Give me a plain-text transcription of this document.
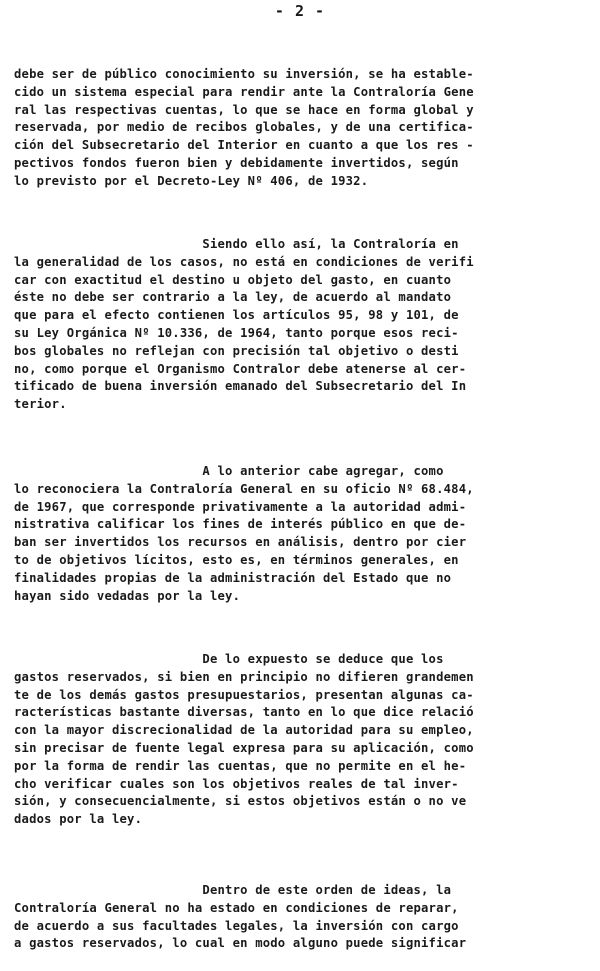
- 2 -
debe ser de público conocimiento su inversión, se ha estable-
cido un sistema especial para rendir ante la Contraloría Gene
ral las respectivas cuentas, lo que se hace en forma global y
reservada, por medio de recibos globales, y de una certifica-
ción del Subsecretario del Interior en cuanto a que los res -
pectivos fondos fueron bien y debidamente invertidos, según
lo previsto por el Decreto-Ley Nº 406, de 1932.
Siendo ello así, la Contraloría en
la generalidad de los casos, no está en condiciones de verifi
car con exactitud el destino u objeto del gasto, en cuanto
éste no debe ser contrario a la ley, de acuerdo al mandato
que para el efecto contienen los artículos 95, 98 y 101, de
su Ley Orgánica Nº 10.336, de 1964, tanto porque esos reci-
bos globales no reflejan con precisión tal objetivo o desti
no, como porque el Organismo Contralor debe atenerse al cer-
tificado de buena inversión emanado del Subsecretario del In
terior.
A lo anterior cabe agregar, como
lo reconociera la Contraloría General en su oficio Nº 68.484,
de 1967, que corresponde privativamente a la autoridad admi-
nistrativa calificar los fines de interés público en que de-
ban ser invertidos los recursos en análisis, dentro por cier
to de objetivos lícitos, esto es, en términos generales, en
finalidades propias de la administración del Estado que no
hayan sido vedadas por la ley.
De lo expuesto se deduce que los
gastos reservados, si bien en principio no difieren grandemen
te de los demás gastos presupuestarios, presentan algunas ca-
racterísticas bastante diversas, tanto en lo que dice relació
con la mayor discrecionalidad de la autoridad para su empleo,
sin precisar de fuente legal expresa para su aplicación, como
por la forma de rendir las cuentas, que no permite en el he-
cho verificar cuales son los objetivos reales de tal inver-
sión, y consecuencialmente, si estos objetivos están o no ve
dados por la ley.
Dentro de este orden de ideas, la
Contraloría General no ha estado en condiciones de reparar,
de acuerdo a sus facultades legales, la inversión con cargo
a gastos reservados, lo cual en modo alguno puede significar
